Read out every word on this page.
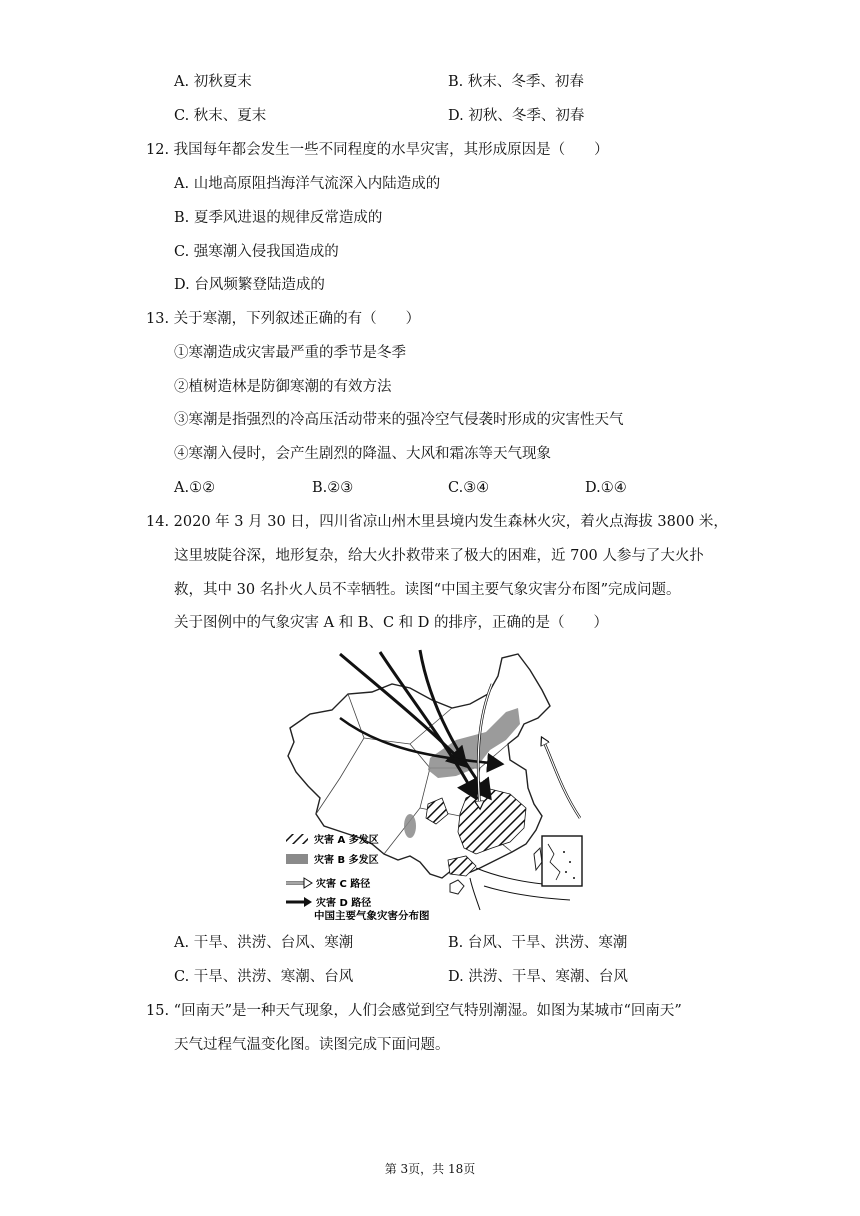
A. 初秋夏末	B. 秋末、冬季、初春
C. 秋末、夏末	D. 初秋、冬季、初春
12. 我国每年都会发生一些不同程度的水旱灾害，其形成原因是（　　）
A. 山地高原阻挡海洋气流深入内陆造成的
B. 夏季风进退的规律反常造成的
C. 强寒潮入侵我国造成的
D. 台风频繁登陆造成的
13. 关于寒潮，下列叙述正确的有（　　）
①寒潮造成灾害最严重的季节是冬季
②植树造林是防御寒潮的有效方法
③寒潮是指强烈的冷高压活动带来的强冷空气侵袭时形成的灾害性天气
④寒潮入侵时，会产生剧烈的降温、大风和霜冻等天气现象
A.①②	B.②③	C.③④	D.①④
14. 2020 年 3 月 30 日，四川省凉山州木里县境内发生森林火灾，着火点海拔 3800 米，
这里坡陡谷深，地形复杂，给大火扑救带来了极大的困难，近 700 人参与了大火扑
救，其中 30 名扑火人员不幸牺牲。读图“中国主要气象灾害分布图”完成问题。
关于图例中的气象灾害 A 和 B、C 和 D 的排序，正确的是（　　）
灾害 A 多发区
灾害 B 多发区
灾害 C 路径
灾害 D 路径
中国主要气象灾害分布图
A. 干旱、洪涝、台风、寒潮	B. 台风、干旱、洪涝、寒潮
C. 干旱、洪涝、寒潮、台风	D. 洪涝、干旱、寒潮、台风
15. “回南天”是一种天气现象，人们会感觉到空气特别潮湿。如图为某城市“回南天”
天气过程气温变化图。读图完成下面问题。
第 3页，共 18页
